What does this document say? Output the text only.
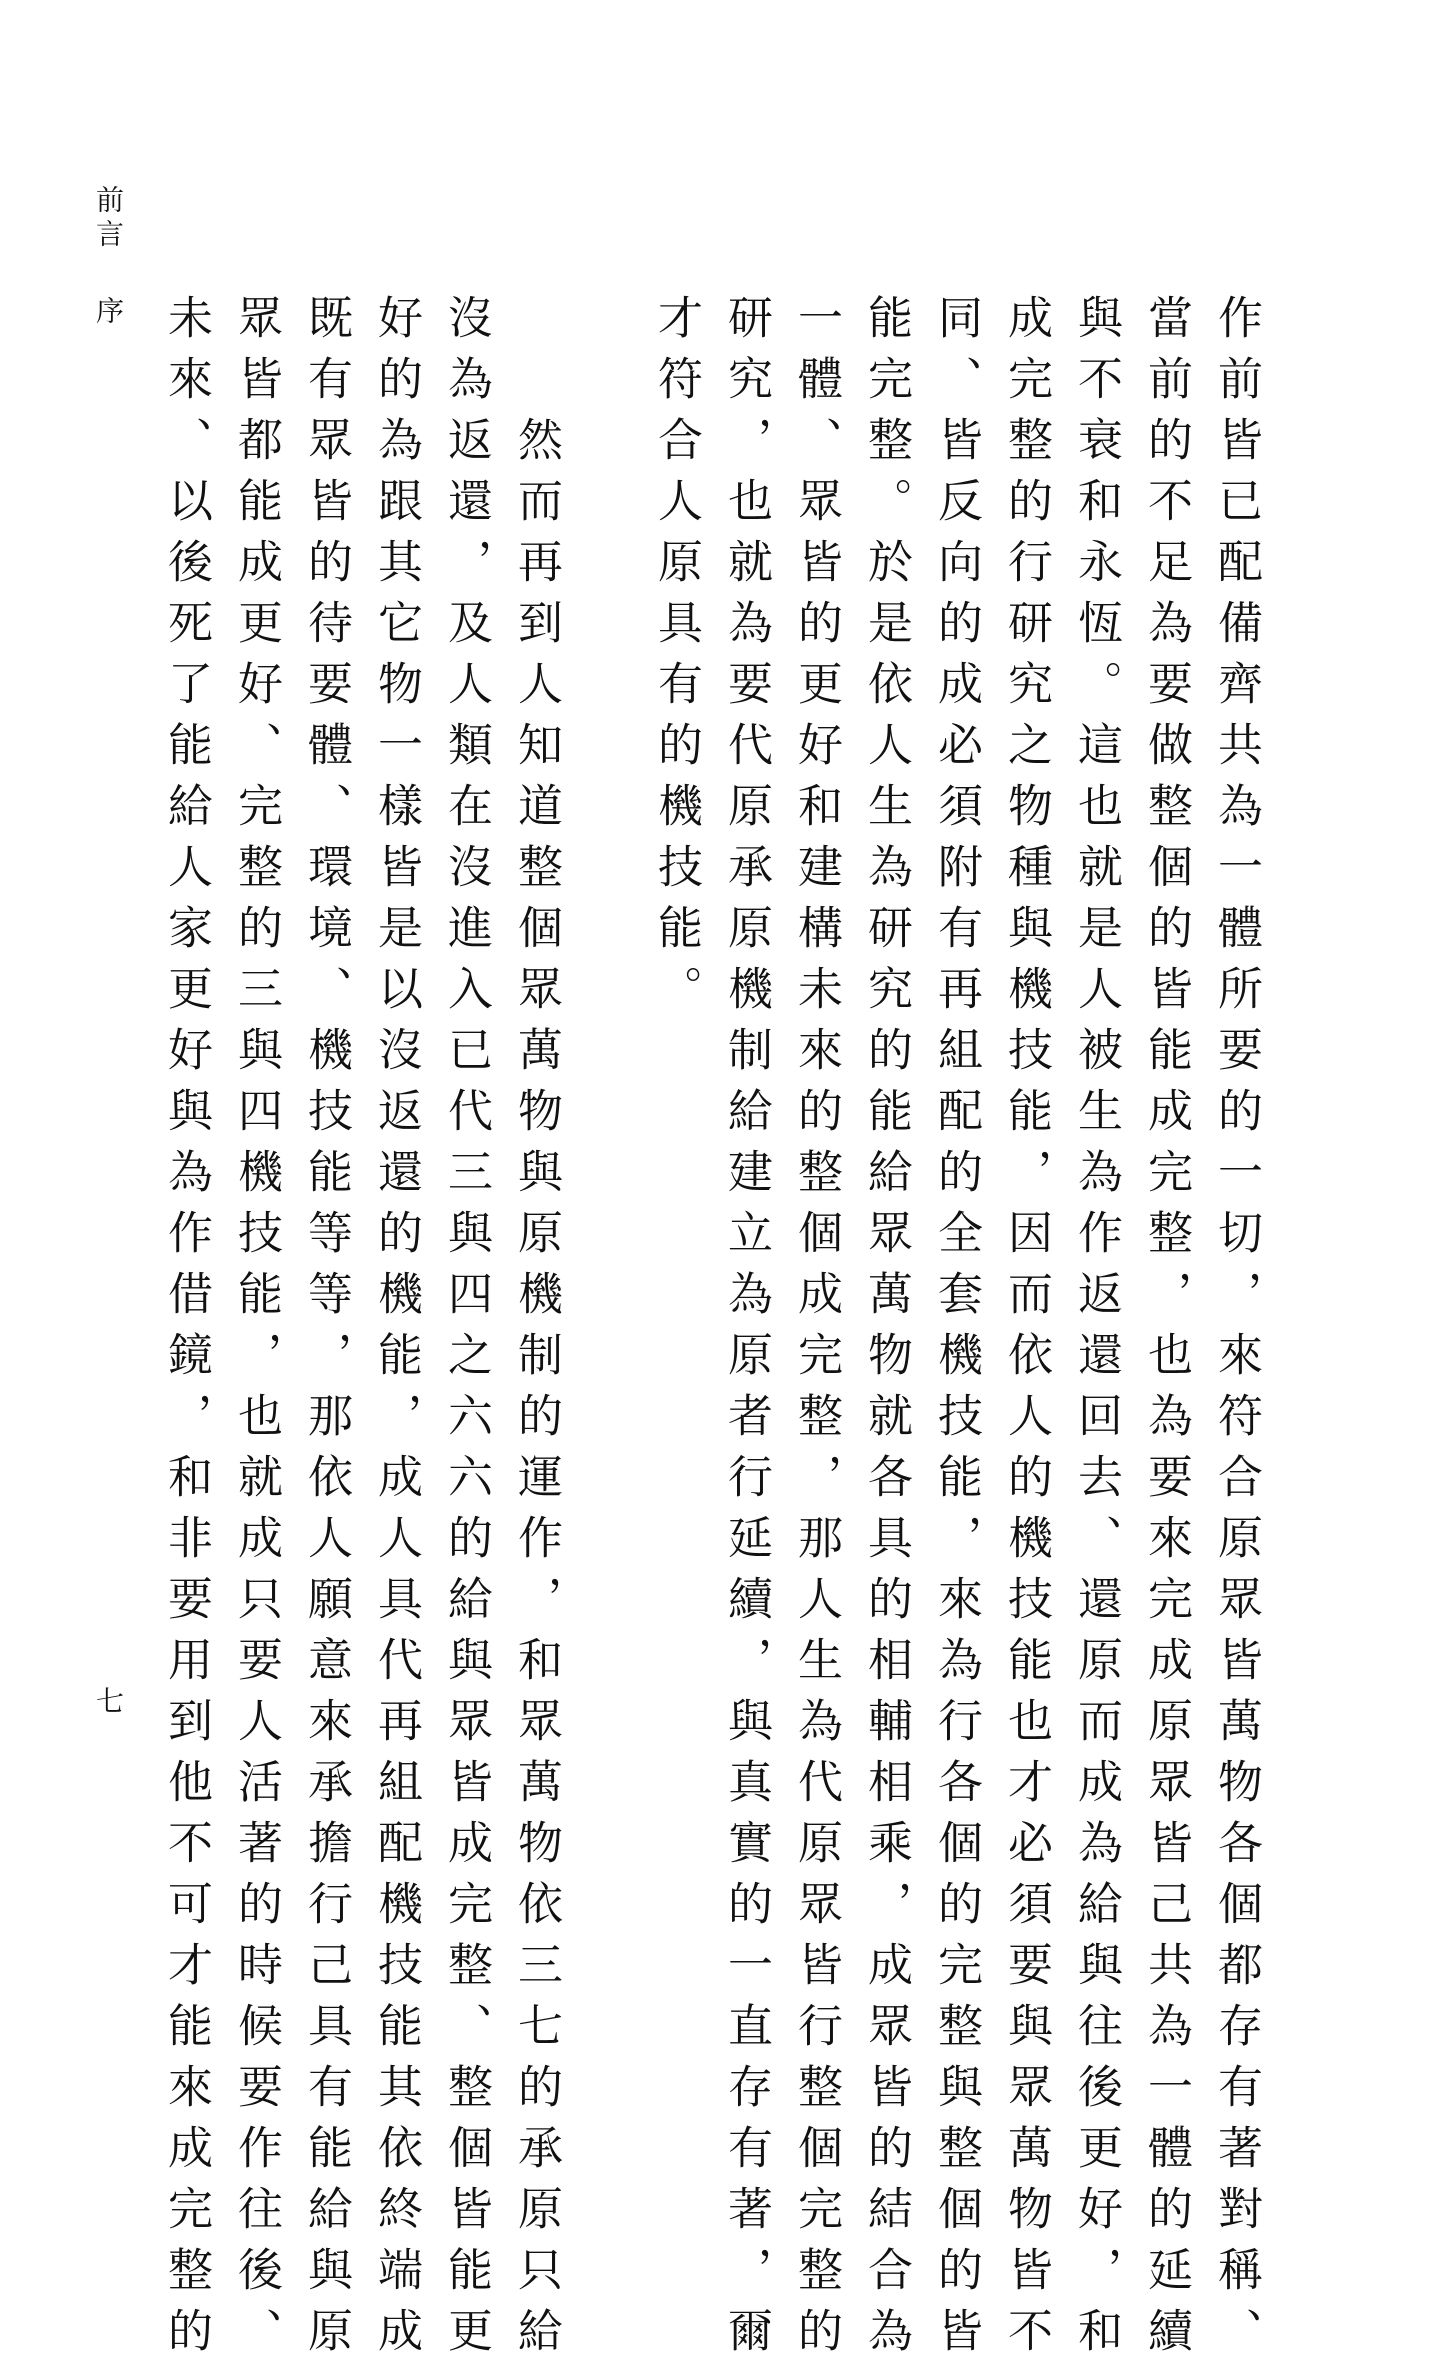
前言
序
七	作前皆已配備齊共為一體所要的一切，來符合原眾皆萬物各個都存有著對稱、
當前的不足為要做整個的皆能成完整，也為要來完成原眾皆己共為一體的延續
與不衰和永恆。這也就是人被生為作返還回去、還原而成為給與往後更好，和
成完整的行研究之物種與機技能，因而依人的機技能也才必須要與眾萬物皆不
同、皆反向的成必須附有再組配的全套機技能，來為行各個的完整與整個的皆
能完整。於是依人生為研究的能給眾萬物就各具的相輔相乘，成眾皆的結合為
一體、眾皆的更好和建構未來的整個成完整，那人生為代原眾皆行整個完整的
研究，也就為要代原承原機制給建立為原者行延續，與真實的一直存有著，爾
才符合人原具有的機技能。
然而再到人知道整個眾萬物與原機制的運作，和眾萬物依三七的承原只給
沒為返還，及人類在沒進入已代三與四之六六的給與眾皆成完整、整個皆能更
好的為跟其它物一樣皆是以沒返還的機能，成人具代再組配機技能其依終端成
既有眾皆的待要體、環境、機技能等等，那依人願意來承擔行己具有能給與原
眾皆都能成更好、完整的三與四機技能，也就成只要人活著的時候要作往後、
未來、以後死了能給人家更好與為作借鏡，和非要用到他不可才能來成完整的
